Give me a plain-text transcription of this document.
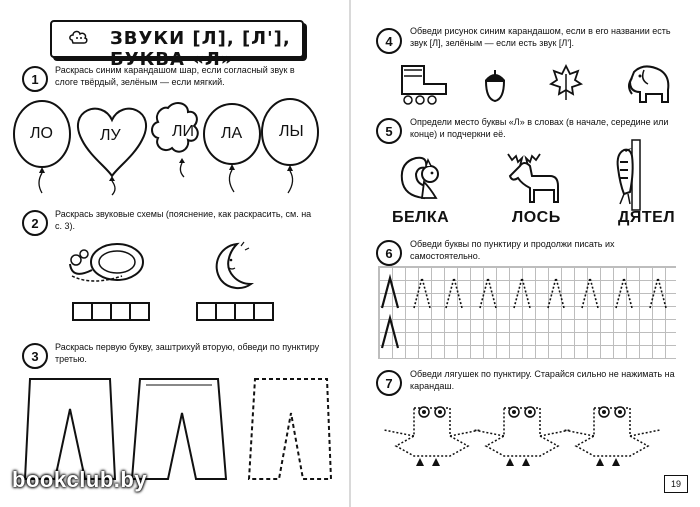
ЗВУКИ [Л], [Л'], БУКВА «Л»
1
Раскрась синим карандашом шар, если согласный звук в слоге твёрдый, зелёным — если мягкий.
ЛО	ЛУ	ЛИ ЛА ЛЫ
2
Раскрась звуковые схемы (пояснение, как раскрасить, см. на с. 3).
3
Раскрась первую букву, заштрихуй вторую, обведи по пунктиру третью.
bookclub.by
4
Обведи рисунок синим карандашом, если в его названии есть звук [Л], зелёным — если есть звук [Л'].
5
Определи место буквы «Л» в словах (в начале, середине или конце) и подчеркни её.
БЕЛКА	ЛОСЬ	ДЯТЕЛ
6
Обведи буквы по пунктиру и продолжи писать их самостоятельно.
7
Обведи лягушек по пунктиру. Старайся сильно не нажимать на карандаш.
19
